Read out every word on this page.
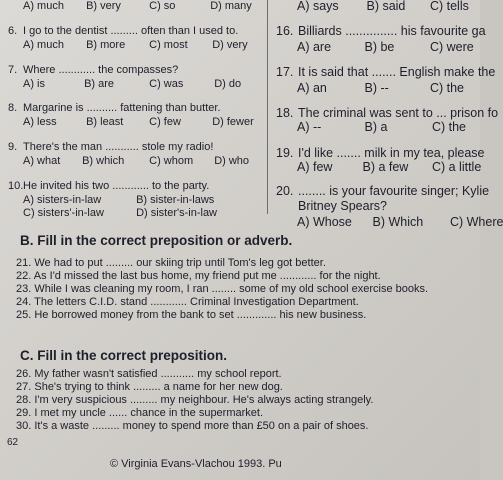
A) much B) very	C) so	D) many
6. I go to the dentist ......... often than I used to.
A) much B) more C) most D) very
7. Where ............ the compasses?
A) is	B) are	C) was	D) do
8. Margarine is .......... fattening than butter.
A) less	B) least C) few	D) fewer
9. There's the man ........... stole my radio!
A) what B) which C) whom D) who
10.He invited his two ............ to the party.
A) sisters-in-law	B) sister-in-laws
C) sisters'-in-law	D) sister's-in-law
A) says B) said C) tells
16. Billiards ............... his favourite ga
A) are	B) be	C) were
17. It is said that ....... English make the
A) an	B) --	C) the
18. The criminal was sent to ... prison fo
A) --	B) a	C) the
19. I'd like ....... milk in my tea, please
A) few B) a few C) a little
20. ........ is your favourite singer; Kylie
Britney Spears?
A) Whose B) Which C) Where
B. Fill in the correct preposition or adverb.
21. We had to put ......... our skiing trip until Tom's leg got better.
22. As I'd missed the last bus home, my friend put me ............ for the night.
23. While I was cleaning my room, I ran ........ some of my old school exercise books.
24. The letters C.I.D. stand ............ Criminal Investigation Department.
25. He borrowed money from the bank to set ............. his new business.
C. Fill in the correct preposition.
26. My father wasn't satisfied ........... my school report.
27. She's trying to think ......... a name for her new dog.
28. I'm very suspicious ......... my neighbour. He's always acting strangely.
29. I met my uncle ...... chance in the supermarket.
30. It's a waste ......... money to spend more than £50 on a pair of shoes.
62
© Virginia Evans-Vlachou 1993. Pu
